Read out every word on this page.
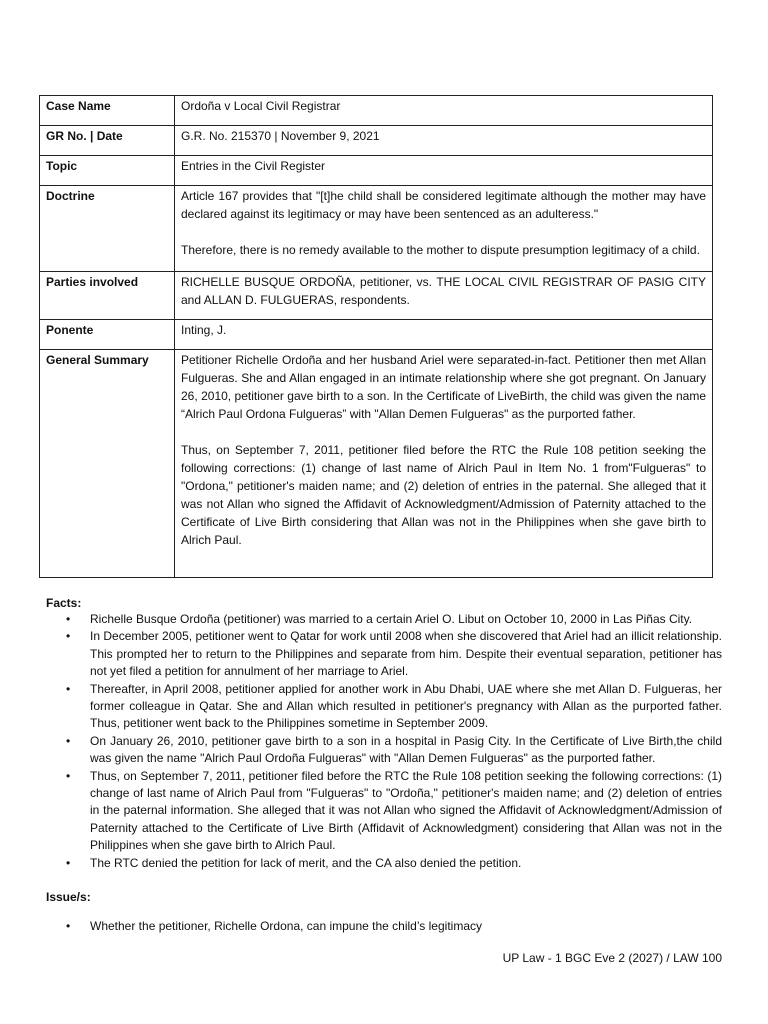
Case Name	Ordoña v Local Civil Registrar

GR No. | Date	G.R. No. 215370 | November 9, 2021

Topic	Entries in the Civil Register

Doctrine	Article 167 provides that "[t]he child shall be considered legitimate although the mother may have declared against its legitimacy or may have been sentenced as an adulteress."

Therefore, there is no remedy available to the mother to dispute presumption legitimacy of a child.

Parties involved	RICHELLE BUSQUE ORDOÑA, petitioner, vs. THE LOCAL CIVIL REGISTRAR OF PASIG CITY and ALLAN D. FULGUERAS, respondents.

Ponente	Inting, J.

General Summary	Petitioner Richelle Ordoña and her husband Ariel were separated-in-fact. Petitioner then met Allan Fulgueras. She and Allan engaged in an intimate relationship where she got pregnant. On January 26, 2010, petitioner gave birth to a son. In the Certificate of LiveBirth, the child was given the name “Alrich Paul Ordona Fulgueras” with "Allan Demen Fulgueras" as the purported father.

Thus, on September 7, 2011, petitioner filed before the RTC the Rule 108 petition seeking the following corrections: (1) change of last name of Alrich Paul in Item No. 1 from"Fulgueras" to "Ordona," petitioner's maiden name; and (2) deletion of entries in the paternal. She alleged that it was not Allan who signed the Affidavit of Acknowledgment/Admission of Paternity attached to the Certificate of Live Birth considering that Allan was not in the Philippines when she gave birth to Alrich Paul.

Facts:
• Richelle Busque Ordoña (petitioner) was married to a certain Ariel O. Libut on October 10, 2000 in Las Piñas City.
• In December 2005, petitioner went to Qatar for work until 2008 when she discovered that Ariel had an illicit relationship. This prompted her to return to the Philippines and separate from him. Despite their eventual separation, petitioner has not yet filed a petition for annulment of her marriage to Ariel.
• Thereafter, in April 2008, petitioner applied for another work in Abu Dhabi, UAE where she met Allan D. Fulgueras, her former colleague in Qatar. She and Allan which resulted in petitioner's pregnancy with Allan as the purported father. Thus, petitioner went back to the Philippines sometime in September 2009.
• On January 26, 2010, petitioner gave birth to a son in a hospital in Pasig City. In the Certificate of Live Birth,the child was given the name "Alrich Paul Ordoña Fulgueras" with "Allan Demen Fulgueras" as the purported father.
• Thus, on September 7, 2011, petitioner filed before the RTC the Rule 108 petition seeking the following corrections: (1) change of last name of Alrich Paul from "Fulgueras" to "Ordoña," petitioner's maiden name; and (2) deletion of entries in the paternal information. She alleged that it was not Allan who signed the Affidavit of Acknowledgment/Admission of Paternity attached to the Certificate of Live Birth (Affidavit of Acknowledgment) considering that Allan was not in the Philippines when she gave birth to Alrich Paul.
• The RTC denied the petition for lack of merit, and the CA also denied the petition.
Issue/s:
• Whether the petitioner, Richelle Ordona, can impune the child’s legitimacy
UP Law - 1 BGC Eve 2 (2027) / LAW 100
